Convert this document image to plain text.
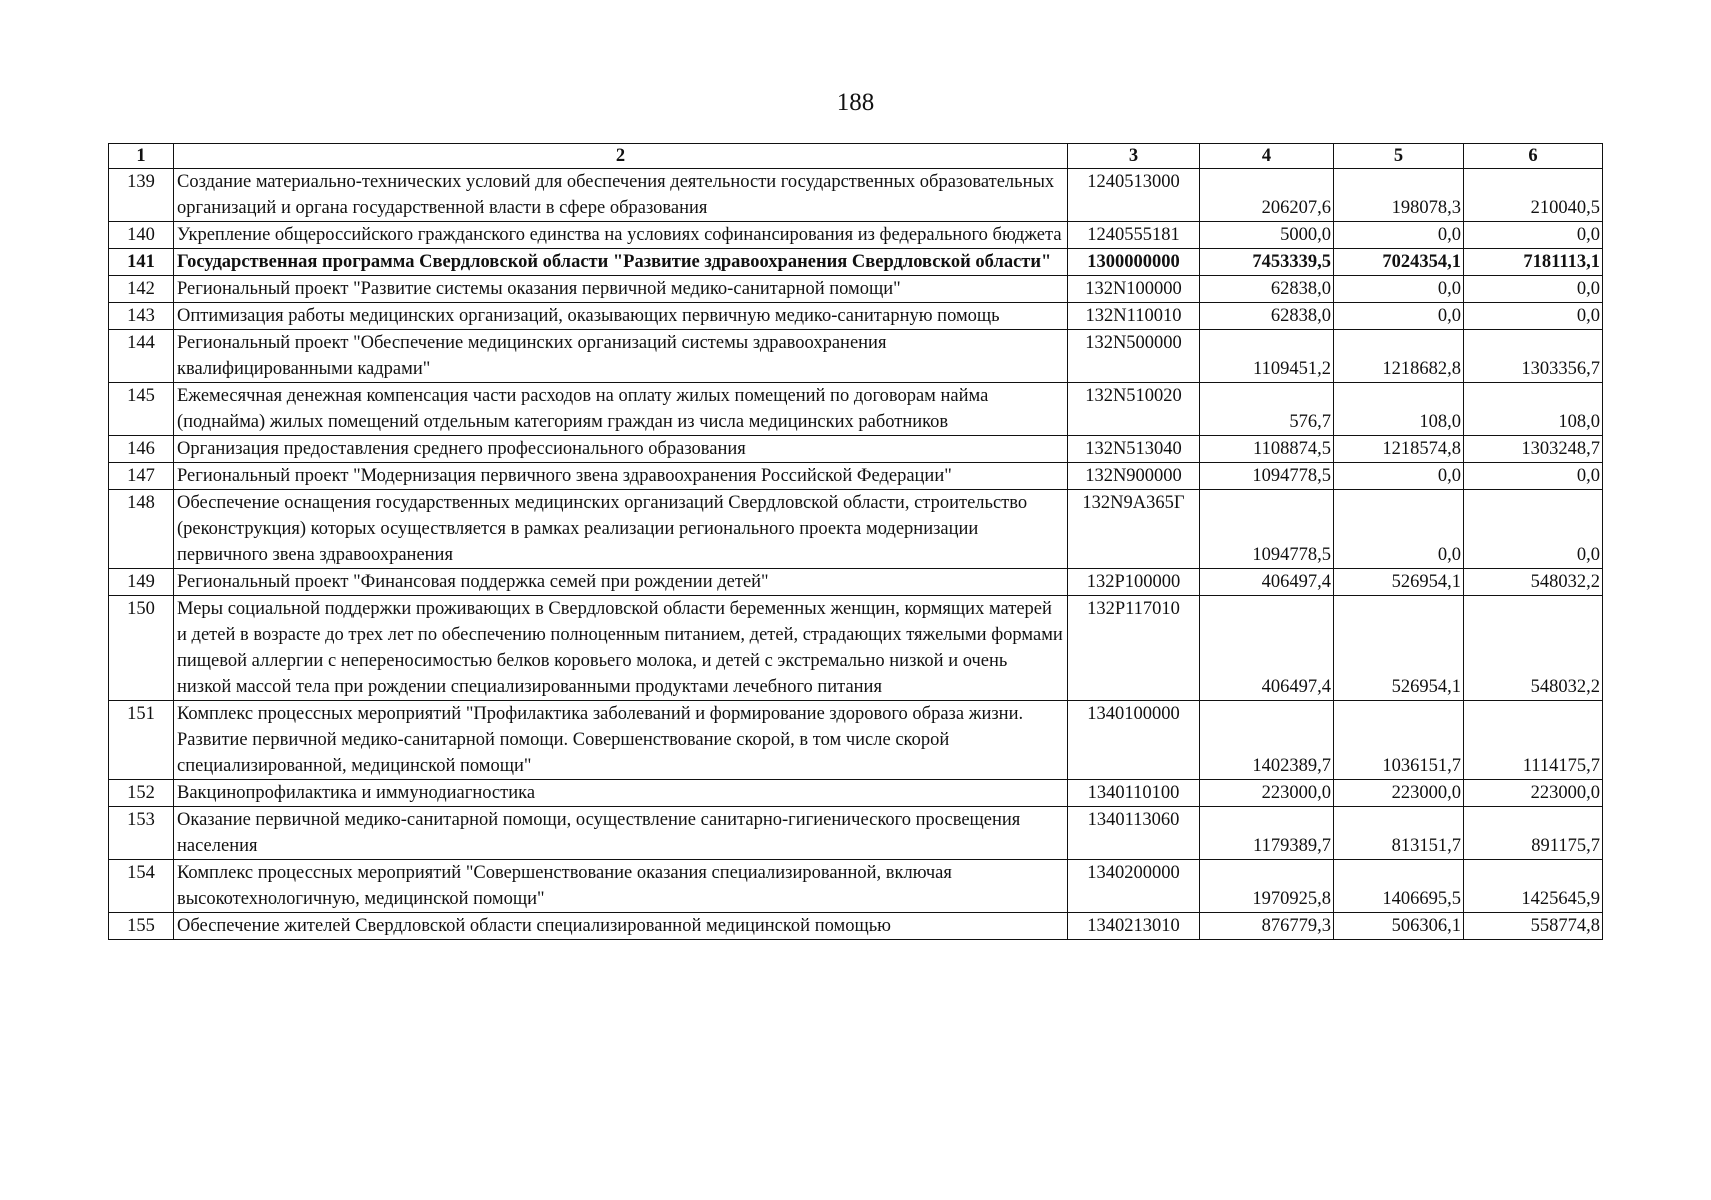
188
1	2	3	4	5	6
139	Создание материально-технических условий для обеспечения деятельности государственных образовательных организаций и органа государственной власти в сфере образования	1240513000	206207,6	198078,3	210040,5
140	Укрепление общероссийского гражданского единства на условиях софинансирования из федерального бюджета	1240555181	5000,0	0,0	0,0
141	Государственная программа Свердловской области "Развитие здравоохранения Свердловской области"	1300000000	7453339,5	7024354,1	7181113,1
142	Региональный проект "Развитие системы оказания первичной медико-санитарной помощи"	132N100000	62838,0	0,0	0,0
143	Оптимизация работы медицинских организаций, оказывающих первичную медико-санитарную помощь	132N110010	62838,0	0,0	0,0
144	Региональный проект "Обеспечение медицинских организаций системы здравоохранения квалифицированными кадрами"	132N500000	1109451,2	1218682,8	1303356,7
145	Ежемесячная денежная компенсация части расходов на оплату жилых помещений по договорам найма (поднайма) жилых помещений отдельным категориям граждан из числа медицинских работников	132N510020	576,7	108,0	108,0
146	Организация предоставления среднего профессионального образования	132N513040	1108874,5	1218574,8	1303248,7
147	Региональный проект "Модернизация первичного звена здравоохранения Российской Федерации"	132N900000	1094778,5	0,0	0,0
148	Обеспечение оснащения государственных медицинских организаций Свердловской области, строительство (реконструкция) которых осуществляется в рамках реализации регионального проекта модернизации первичного звена здравоохранения	132N9A365Г	1094778,5	0,0	0,0
149	Региональный проект "Финансовая поддержка семей при рождении детей"	132P100000	406497,4	526954,1	548032,2
150	Меры социальной поддержки проживающих в Свердловской области беременных женщин, кормящих матерей и детей в возрасте до трех лет по обеспечению полноценным питанием, детей, страдающих тяжелыми формами пищевой аллергии с непереносимостью белков коровьего молока, и детей с экстремально низкой и очень низкой массой тела при рождении специализированными продуктами лечебного питания	132P117010	406497,4	526954,1	548032,2
151	Комплекс процессных мероприятий "Профилактика заболеваний и формирование здорового образа жизни. Развитие первичной медико-санитарной помощи. Совершенствование скорой, в том числе скорой специализированной, медицинской помощи"	1340100000	1402389,7	1036151,7	1114175,7
152	Вакцинопрофилактика и иммунодиагностика	1340110100	223000,0	223000,0	223000,0
153	Оказание первичной медико-санитарной помощи, осуществление санитарно-гигиенического просвещения населения	1340113060	1179389,7	813151,7	891175,7
154	Комплекс процессных мероприятий "Совершенствование оказания специализированной, включая высокотехнологичную, медицинской помощи"	1340200000	1970925,8	1406695,5	1425645,9
155	Обеспечение жителей Свердловской области специализированной медицинской помощью	1340213010	876779,3	506306,1	558774,8
